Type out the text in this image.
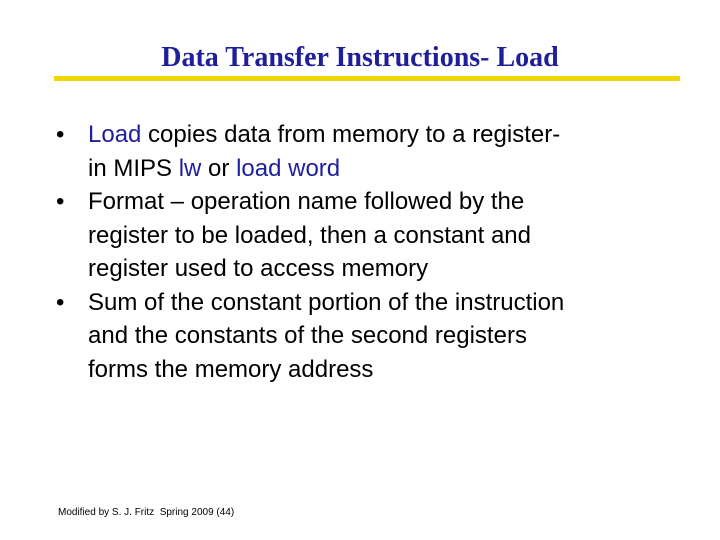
Data Transfer Instructions- Load
• Load copies data from memory to a register-
in MIPS lw or load word
• Format – operation name followed by the
register to be loaded, then a constant and
register used to access memory
• Sum of the constant portion of the instruction
and the constants of the second registers
forms the memory address
Modified by S. J. Fritz  Spring 2009 (44)
